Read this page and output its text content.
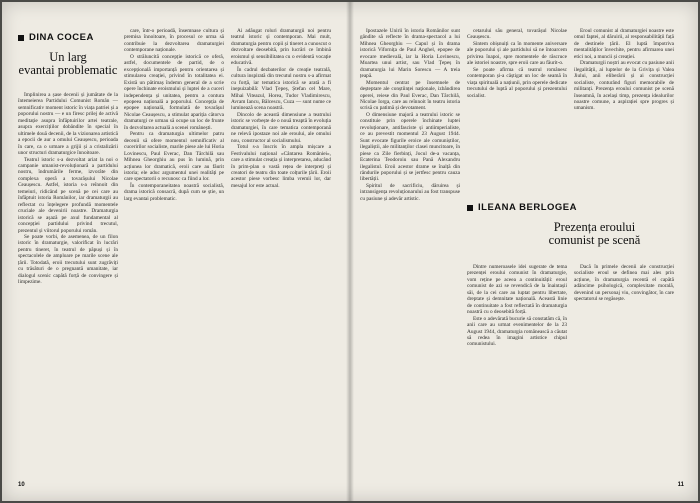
DINA COCEA
Un larg
evantai problematic

Împlinirea a șase decenii și jumătate de la întemeierea Partidului Comunist Român — semnificativ moment istoric în viața patriei și a poporului nostru — e un firesc prilej de activă meditație asupra înfăptuirilor artei teatrale, asupra exercițiilor dobândite în special în ultimele două decenii, de la vizionarea artistică a epocii de aur a omului Ceaușescu, perioada în care, ca o urmare a grijii și a cristalizării unor structuri dramaturgice înnoitoare.

Teatrul istoric s-a dezvoltat ariat la noi o campanie umanist-revoluționară a partidului nostru, îndrumările ferme, izvorâte din complexa operă a tovarășului Nicolae Ceaușescu. Astfel, istoria s-a reînnoit din temeiuri, ridicând pe scenă pe cei care au înfăptuit istoria Românilor, iar dramaturgii au reflectat cu înțelegere profundă momentele cruciale ale devenirii noastre. Dramaturgia istorică se așază pe axul fundamental al concepției partidului privind trecutul, prezentul și viitorul poporului român.

Se poate vorbi, de asemenea, de un filon istoric în dramaturgie, valorificat în lucrări pentru tineret, în teatrul de păpuși și în spectacolele de amploare pe marile scene ale țării. Totodată, eroii trecutului sunt zugrăviți cu trăsături de o pregnantă umanitate, iar dialogul scenic capătă forță de convingere și limpezime.

care, într-o perioadă, însemnase cultura și premisa înnoitoare, în procesul ce urma să contribuie la dezvoltarea dramaturgiei contemporane naționale.

O străluncită concepție istorică ce oferă, astfel, documentele de partid, de o excepțională importanță pentru orientarea și stimularea creației, privind în totalitatea ei. Există un pătimaș îndemn general de a scrie opere închinate eroismului și luptei de a cuceri independența și unitatea, pentru a contura epopeea națională a poporului. Concepția de epopee națională, formulată de tovarășul Nicolae Ceaușescu, a stimulat apariția câtorva dramaturgi ce urmau să ocupe un loc de frunte în dezvoltarea actuală a scenei românești.

Pentru ca dramaturgia ultimelor patru decenii să ofere momentul semnificativ al cuceririlor socialiste, marile piese ale lui Horia Lovinescu, Paul Everac, Dan Tărchilă sau Mihnea Gheorghiu au pus în lumină, prin acțiunea lor dramatică, eroii care au făurit istoria; ele aduc argumentul unei realități pe care spectatorii o recunosc ca fiind a lor.

În contemporaneitatea noastră socialistă, drama istorică consacră, după cum se știe, un larg evantai problematic.

Ai adăugat roluri dramaturgii noi pentru teatrul istoric și contemporan. Mai mult, dramaturgia pentru copii și tineret a cunoscut o dezvoltare deosebită, prin lucrări ce îmbină eroismul și sensibilitatea cu o evidentă vocație educativă.

În cadrul dezbaterilor de creație teatrală, cultura inspirată din trecutul nostru s-a afirmat cu forță, iar tematica istorică se arată a fi inepuizabilă: Vlad Țepeș, Ștefan cel Mare, Mihai Viteazul, Horea, Tudor Vladimirescu, Avram Iancu, Bălcescu, Cuza — sunt nume ce luminează scena noastră.

Dincolo de această dimensiune a teatrului istoric se vorbește de o nouă treaptă în evoluția dramaturgiei, în care tematica contemporană ne relevă ipostaze noi ale eroului, ale omului nou, constructor al socialismului.

Totul s-a înscris în ampla mișcare a Festivalului național «Cântarea României», care a stimulat creația și interpretarea, aducând în prim-plan o vastă rețea de interpreți și creatori de teatru din toate colțurile țării. Eroii acestor piese vorbesc limba vremii lor, dar mesajul lor este actual.

10

Ipostazele Unirii în istoria Românilor sunt gândite să reflecte în drama-spectacol a lui Mihnea Gheorghiu — Capul și în drama istorică Vifornița de Paul Anghel, epopee de evocare medievală, iar la Horia Lovinescu, Moartea unui artist, sau Vlad Țepeș în dramaturgia lui Marin Sorescu — A treia țeapă.

Momentul centrat pe însemnele de deșteptare ale conștiinței naționale, izbândirea operei, reiese din Paul Everac, Dan Tărchilă, Nicolae Iorga, care au reînnoit în teatru istoria scrisă cu patimă și devotament.

O dimensiune majoră a teatrului istoric se constituie prin operele închinate luptei revoluționare, antifasciste și antiimperialiste, ce au prevestit momentul 23 August 1944. Sunt evocate figurile eroice ale comuniștilor, ilegaliștii, ale militanților clasei muncitoare, în piese ca Zile fierbinți, Jocul de-a vacanța, Ecaterina Teodoroiu sau Pană Alexandru ilegalistul. Eroii acestor drame se înalță din rândurile poporului și se jertfesc pentru cauza libertății.

Spiritul de sacrificiu, dăruirea și intransigența revoluționarului au fost transpuse cu pasiune și adevăr artistic.

cetarului său general, tovarășul Nicolae Ceaușescu.

Sintem obișnuiți ca în momente aniversare ale poporului și ale partidului să ne întoarcem privirea înapoi, spre momentele de răscruce ale istoriei noastre, spre eroii care au făurit-o.

Se poate afirma că teatrul românesc contemporan și-a câștigat un loc de seamă în viața spirituală a națiunii, prin operele dedicate trecutului de luptă al poporului și prezentului socialist.

ILEANA BERLOGEA
Prezența eroului
comunist pe scenă

Dintre numeroasele idei sugerate de tema prezenței eroului comunist în dramaturgie, vom reține pe aceea a continuității: eroul comunist de azi se revendică de la înaintașii săi, de la cei care au luptat pentru libertate, dreptate și demnitate națională. Această linie de continuitate a fost reflectată în dramaturgia noastră cu o deosebită forță.

Este o adevărată bucurie să constatăm că, în anii care au urmat evenimentelor de la 23 August 1944, dramaturgia românească a căutat să redea în imagini artistice chipul comunistului.

Eroul comunist al dramaturgiei noastre este omul faptei, al dăruirii, al responsabilității față de destinele țării. El luptă împotriva mentalităților învechite, pentru afirmarea unei etici noi, a muncii și creației.

Dramaturgii noștri au evocat cu pasiune anii ilegalității, ai luptelor de la Grivița și Valea Jiului, anii eliberării și ai construcției socialiste, conturând figuri memorabile de militanți. Prezența eroului comunist pe scenă înseamnă, în același timp, prezența idealurilor noastre comune, a aspirației spre progres și umanism.

Dacă în primele decenii ale construcției socialiste eroul se definea mai ales prin acțiune, în dramaturgia recentă el capătă adâncime psihologică, complexitate morală, devenind un personaj viu, convingător, în care spectatorul se regăsește.

11
